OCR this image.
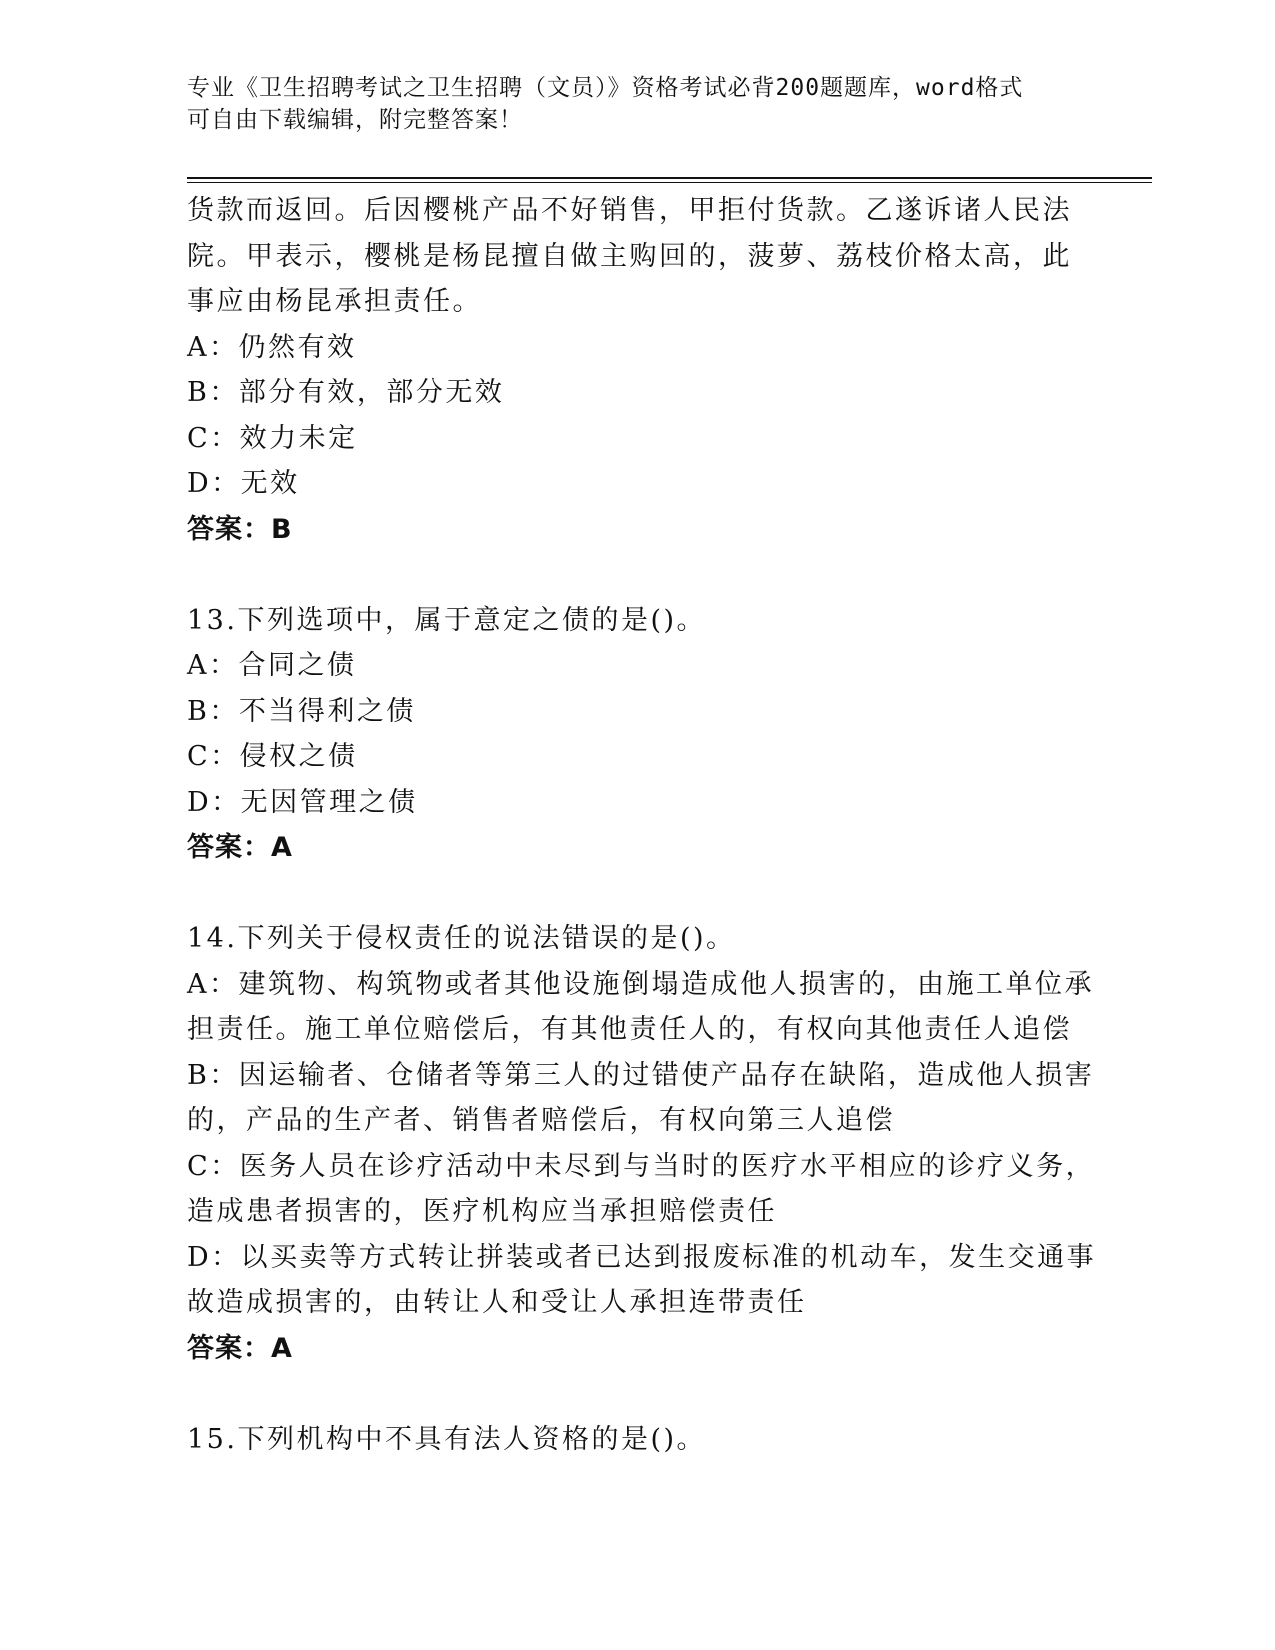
专业《卫生招聘考试之卫生招聘（文员）》资格考试必背200题题库，word格式
可自由下载编辑，附完整答案！
货款而返回。后因樱桃产品不好销售，甲拒付货款。乙遂诉诸人民法
院。甲表示，樱桃是杨昆擅自做主购回的，菠萝、荔枝价格太高，此
事应由杨昆承担责任。
A：仍然有效
B：部分有效，部分无效
C：效力未定
D：无效
答案：B
13.下列选项中，属于意定之债的是()。
A：合同之债
B：不当得利之债
C：侵权之债
D：无因管理之债
答案：A
14.下列关于侵权责任的说法错误的是()。
A：建筑物、构筑物或者其他设施倒塌造成他人损害的，由施工单位承
担责任。施工单位赔偿后，有其他责任人的，有权向其他责任人追偿
B：因运输者、仓储者等第三人的过错使产品存在缺陷，造成他人损害
的，产品的生产者、销售者赔偿后，有权向第三人追偿
C：医务人员在诊疗活动中未尽到与当时的医疗水平相应的诊疗义务，
造成患者损害的，医疗机构应当承担赔偿责任
D：以买卖等方式转让拼装或者已达到报废标准的机动车，发生交通事
故造成损害的，由转让人和受让人承担连带责任
答案：A
15.下列机构中不具有法人资格的是()。
